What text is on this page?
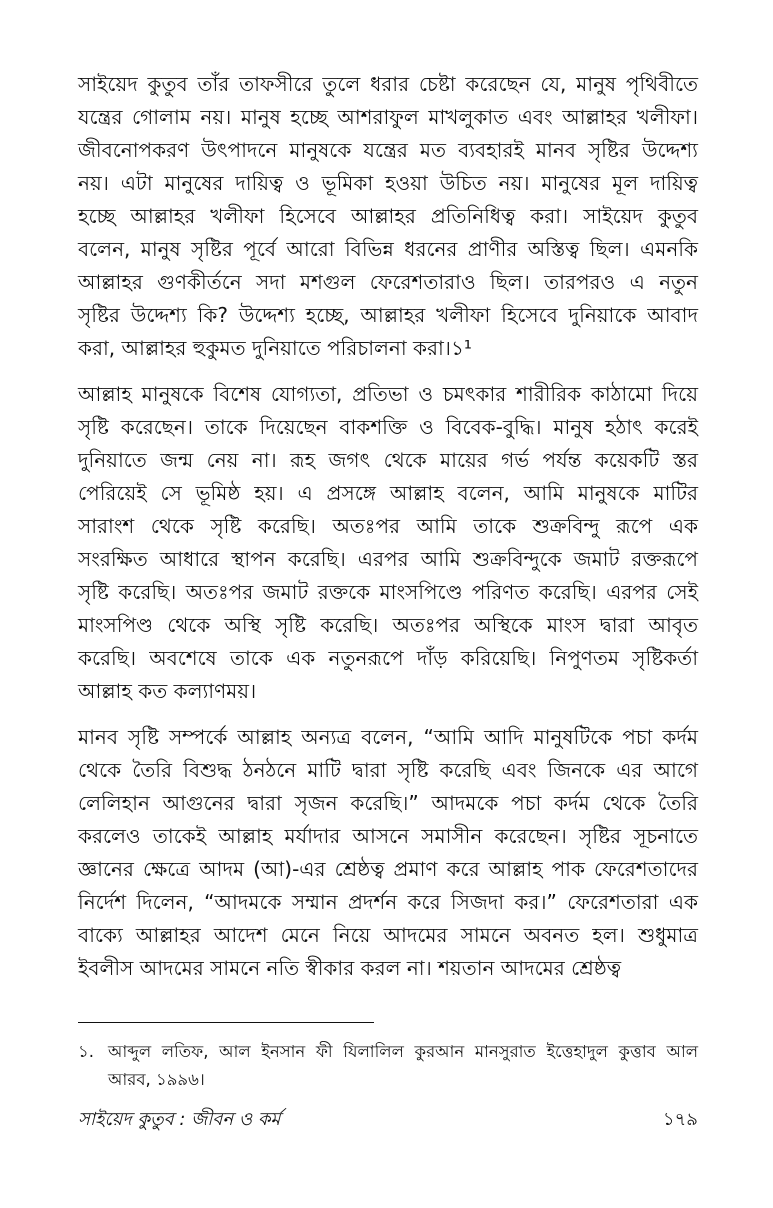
সাইয়েদ কুতুব তাঁর তাফসীরে তুলে ধরার চেষ্টা করেছেন যে, মানুষ পৃথিবীতে
যন্ত্রের গোলাম নয়। মানুষ হচ্ছে আশরাফুল মাখলুকাত এবং আল্লাহর খলীফা।
জীবনোপকরণ উৎপাদনে মানুষকে যন্ত্রের মত ব্যবহারই মানব সৃষ্টির উদ্দেশ্য
নয়। এটা মানুষের দায়িত্ব ও ভূমিকা হওয়া উচিত নয়। মানুষের মূল দায়িত্ব
হচ্ছে আল্লাহর খলীফা হিসেবে আল্লাহর প্রতিনিধিত্ব করা। সাইয়েদ কুতুব
বলেন, মানুষ সৃষ্টির পূর্বে আরো বিভিন্ন ধরনের প্রাণীর অস্তিত্ব ছিল। এমনকি
আল্লাহর গুণকীর্তনে সদা মশগুল ফেরেশতারাও ছিল। তারপরও এ নতুন
সৃষ্টির উদ্দেশ্য কি? উদ্দেশ্য হচ্ছে, আল্লাহর খলীফা হিসেবে দুনিয়াকে আবাদ
করা, আল্লাহর হুকুমত দুনিয়াতে পরিচালনা করা।১¹
আল্লাহ মানুষকে বিশেষ যোগ্যতা, প্রতিভা ও চমৎকার শারীরিক কাঠামো দিয়ে
সৃষ্টি করেছেন। তাকে দিয়েছেন বাকশক্তি ও বিবেক-বুদ্ধি। মানুষ হঠাৎ করেই
দুনিয়াতে জন্ম নেয় না। রূহ জগৎ থেকে মায়ের গর্ভ পর্যন্ত কয়েকটি স্তর
পেরিয়েই সে ভূমিষ্ঠ হয়। এ প্রসঙ্গে আল্লাহ বলেন, আমি মানুষকে মাটির
সারাংশ থেকে সৃষ্টি করেছি। অতঃপর আমি তাকে শুক্রবিন্দু রূপে এক
সংরক্ষিত আধারে স্থাপন করেছি। এরপর আমি শুক্রবিন্দুকে জমাট রক্তরূপে
সৃষ্টি করেছি। অতঃপর জমাট রক্তকে মাংসপিণ্ডে পরিণত করেছি। এরপর সেই
মাংসপিণ্ড থেকে অস্থি সৃষ্টি করেছি। অতঃপর অস্থিকে মাংস দ্বারা আবৃত
করেছি। অবশেষে তাকে এক নতুনরূপে দাঁড় করিয়েছি। নিপুণতম সৃষ্টিকর্তা
আল্লাহ কত কল্যাণময়।
মানব সৃষ্টি সম্পর্কে আল্লাহ অন্যত্র বলেন, “আমি আদি মানুষটিকে পচা কর্দম
থেকে তৈরি বিশুদ্ধ ঠনঠনে মাটি দ্বারা সৃষ্টি করেছি এবং জিনকে এর আগে
লেলিহান আগুনের দ্বারা সৃজন করেছি।” আদমকে পচা কর্দম থেকে তৈরি
করলেও তাকেই আল্লাহ মর্যাদার আসনে সমাসীন করেছেন। সৃষ্টির সূচনাতে
জ্ঞানের ক্ষেত্রে আদম (আ)-এর শ্রেষ্ঠত্ব প্রমাণ করে আল্লাহ পাক ফেরেশতাদের
নির্দেশ দিলেন, “আদমকে সম্মান প্রদর্শন করে সিজদা কর।” ফেরেশতারা এক
বাক্যে আল্লাহর আদেশ মেনে নিয়ে আদমের সামনে অবনত হল। শুধুমাত্র
ইবলীস আদমের সামনে নতি স্বীকার করল না। শয়তান আদমের শ্রেষ্ঠত্ব
১. আব্দুল লতিফ, আল ইনসান ফী যিলালিল কুরআন মানসুরাত ইত্তেহাদুল কুত্তাব আল
আরব, ১৯৯৬।
সাইয়েদ কুতুব : জীবন ও কর্ম	১৭৯
